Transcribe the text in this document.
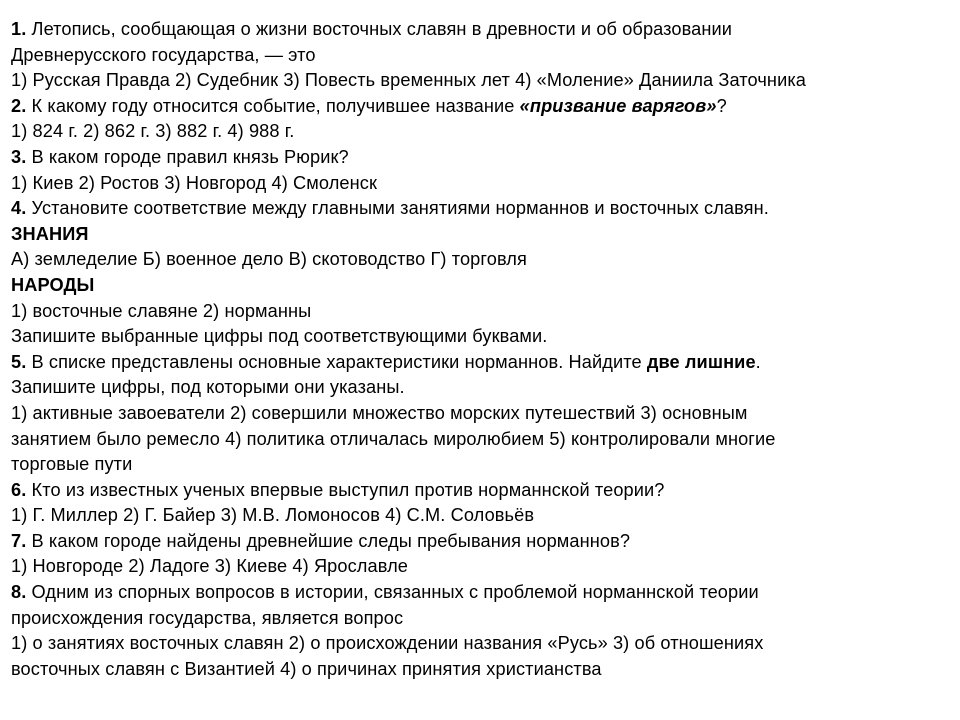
1. Летопись, сообщающая о жизни восточных славян в древности и об образовании
Древнерусского государства, — это
1) Русская Правда 2) Судебник 3) Повесть временных лет 4) «Моление» Даниила Заточника
2. К какому году относится событие, получившее название «призвание варягов»?
1) 824 г. 2) 862 г. 3) 882 г. 4) 988 г.
3. В каком городе правил князь Рюрик?
1) Киев 2) Ростов 3) Новгород 4) Смоленск
4. Установите соответствие между главными занятиями норманнов и восточных славян.
ЗНАНИЯ
А) земледелие Б) военное дело В) скотоводство Г) торговля
НАРОДЫ
1) восточные славяне 2) норманны
Запишите выбранные цифры под соответствующими буквами.
5. В списке представлены основные характеристики норманнов. Найдите две лишние.
Запишите цифры, под которыми они указаны.
1) активные завоеватели 2) совершили множество морских путешествий 3) основным
занятием было ремесло 4) политика отличалась миролюбием 5) контролировали многие
торговые пути
6. Кто из известных ученых впервые выступил против норманнской теории?
1) Г. Миллер 2) Г. Байер 3) М.В. Ломоносов 4) С.М. Соловьёв
7. В каком городе найдены древнейшие следы пребывания норманнов?
1) Новгороде 2) Ладоге 3) Киеве 4) Ярославле
8. Одним из спорных вопросов в истории, связанных с проблемой норманнской теории
происхождения государства, является вопрос
1) о занятиях восточных славян 2) о происхождении названия «Русь» 3) об отношениях
восточных славян с Византией 4) о причинах принятия христианства
